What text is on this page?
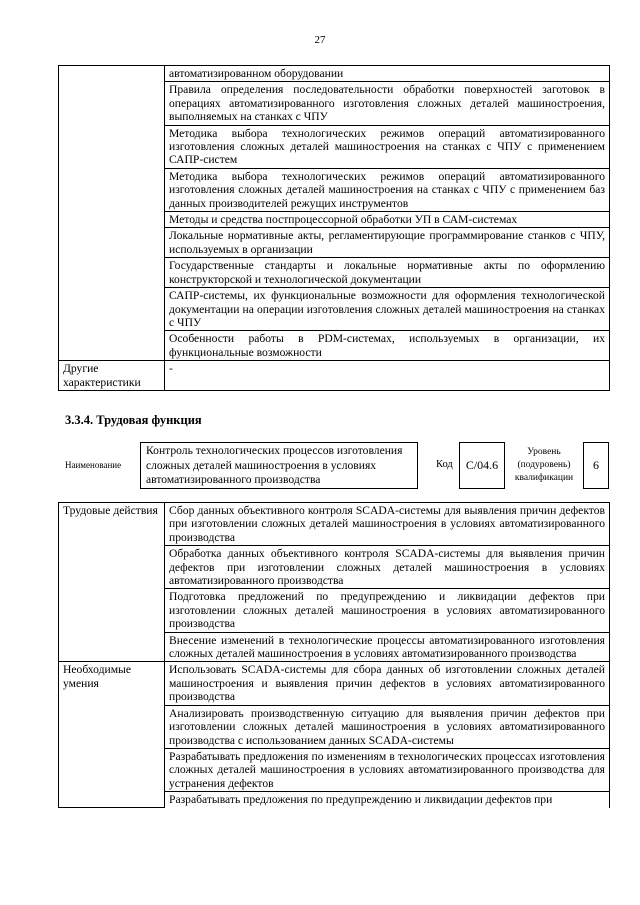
27
	автоматизированном оборудовании
	Правила определения последовательности обработки поверхностей заготовок в операциях автоматизированного изготовления сложных деталей машиностроения, выполняемых на станках с ЧПУ
	Методика выбора технологических режимов операций автоматизированного изготовления сложных деталей машиностроения на станках с ЧПУ с применением САПР-систем
	Методика выбора технологических режимов операций автоматизированного изготовления сложных деталей машиностроения на станках с ЧПУ с применением баз данных производителей режущих инструментов
	Методы и средства постпроцессорной обработки УП в САМ-системах
	Локальные нормативные акты, регламентирующие программирование станков с ЧПУ, используемых в организации
	Государственные стандарты и локальные нормативные акты по оформлению конструкторской и технологической документации
	САПР-системы, их функциональные возможности для оформления технологической документации на операции изготовления сложных деталей машиностроения на станках с ЧПУ
	Особенности работы в PDM-системах, используемых в организации, их функциональные возможности
Другие характеристики	-
3.3.4. Трудовая функция
Наименование
Контроль технологических процессов изготовления сложных деталей машиностроения в условиях автоматизированного производства
Код	С/04.6
Уровень (подуровень) квалификации
6
Трудовые действия	Сбор данных объективного контроля SCADA-системы для выявления причин дефектов при изготовлении сложных деталей машиностроения в условиях автоматизированного производства
	Обработка данных объективного контроля SCADA-системы для выявления причин дефектов при изготовлении сложных деталей машиностроения в условиях автоматизированного производства
	Подготовка предложений по предупреждению и ликвидации дефектов при изготовлении сложных деталей машиностроения в условиях автоматизированного производства
	Внесение изменений в технологические процессы автоматизированного изготовления сложных деталей машиностроения в условиях автоматизированного производства
Необходимые умения	Использовать SCADA-системы для сбора данных об изготовлении сложных деталей машиностроения и выявления причин дефектов в условиях автоматизированного производства
	Анализировать производственную ситуацию для выявления причин дефектов при изготовлении сложных деталей машиностроения в условиях автоматизированного производства с использованием данных SCADA-системы
	Разрабатывать предложения по изменениям в технологических процессах изготовления сложных деталей машиностроения в условиях автоматизированного производства для устранения дефектов
	Разрабатывать предложения по предупреждению и ликвидации дефектов при
